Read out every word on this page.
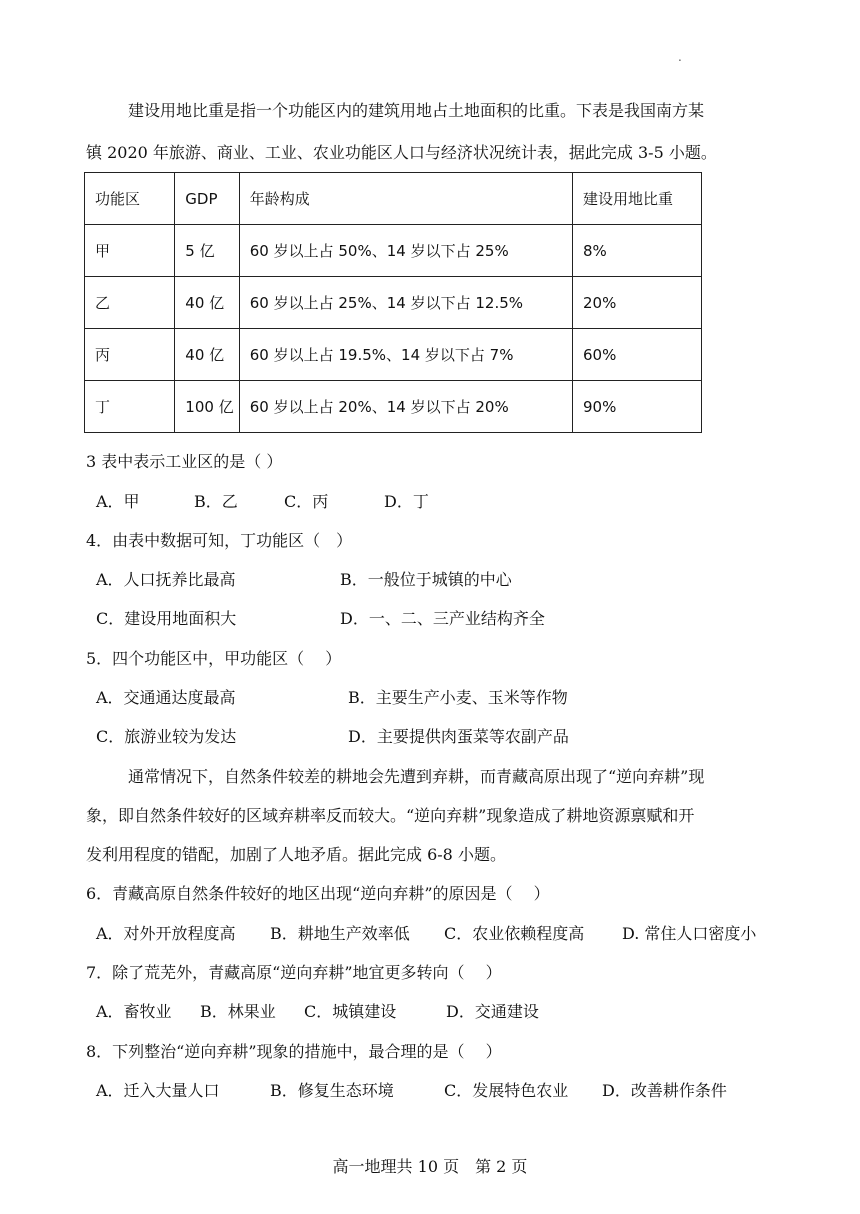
.
建设用地比重是指一个功能区内的建筑用地占土地面积的比重。下表是我国南方某
镇 2020 年旅游、商业、工业、农业功能区人口与经济状况统计表，据此完成 3-5 小题。
功能区	GDP	年龄构成	建设用地比重
甲	5 亿	60 岁以上占 50%、14 岁以下占 25%	8%
乙	40 亿	60 岁以上占 25%、14 岁以下占 12.5%	20%
丙	40 亿	60 岁以上占 19.5%、14 岁以下占 7%	60%
丁	100 亿	60 岁以上占 20%、14 岁以下占 20%	90%
3 表中表示工业区的是（ ）
A．甲	B．乙	C．丙	D．丁
4．由表中数据可知，丁功能区（　）
A．人口抚养比最高	B．一般位于城镇的中心
C．建设用地面积大	D．一、二、三产业结构齐全
5．四个功能区中，甲功能区（　 ）
A．交通通达度最高	B．主要生产小麦、玉米等作物
C．旅游业较为发达	D．主要提供肉蛋菜等农副产品
通常情况下，自然条件较差的耕地会先遭到弃耕，而青藏高原出现了“逆向弃耕”现
象，即自然条件较好的区域弃耕率反而较大。“逆向弃耕”现象造成了耕地资源禀赋和开
发利用程度的错配，加剧了人地矛盾。据此完成 6-8 小题。
6．青藏高原自然条件较好的地区出现“逆向弃耕”的原因是（　 ）
A．对外开放程度高 B．耕地生产效率低 C．农业依赖程度高 D. 常住人口密度小
7．除了荒芜外，青藏高原“逆向弃耕”地宜更多转向（　 ）
A．畜牧业 B．林果业 C．城镇建设	D．交通建设
8．下列整治“逆向弃耕”现象的措施中，最合理的是（　 ）
A．迁入大量人口	B．修复生态环境	C．发展特色农业 D．改善耕作条件
高一地理共 10 页　第 2 页
